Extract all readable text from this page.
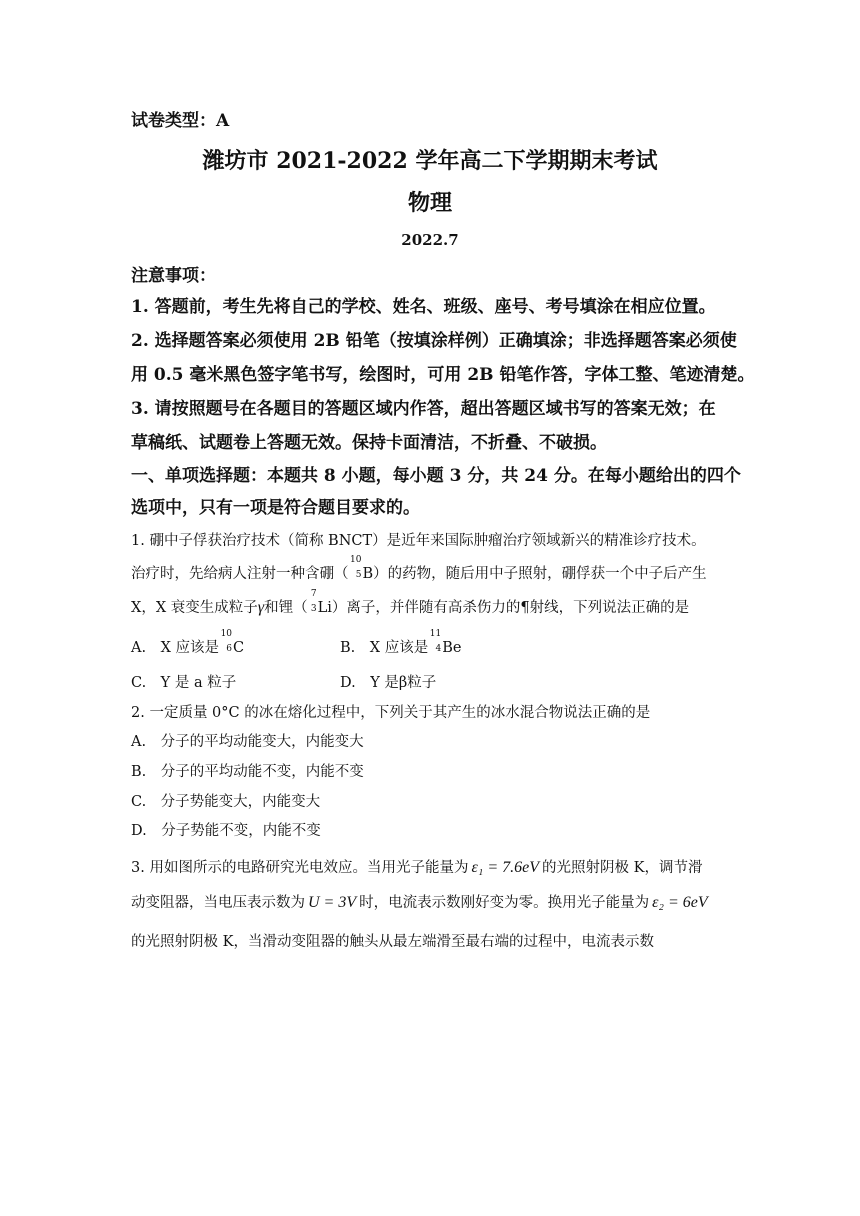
试卷类型：A
潍坊市 2021-2022 学年高二下学期期末考试
物理
2022.7
注意事项：
1. 答题前，考生先将自己的学校、姓名、班级、座号、考号填涂在相应位置。
2. 选择题答案必须使用 2B 铅笔（按填涂样例）正确填涂；非选择题答案必须使
用 0.5 毫米黑色签字笔书写，绘图时，可用 2B 铅笔作答，字体工整、笔迹清楚。
3. 请按照题号在各题目的答题区域内作答，超出答题区域书写的答案无效；在
草稿纸、试题卷上答题无效。保持卡面清洁，不折叠、不破损。
一、单项选择题：本题共 8 小题，每小题 3 分，共 24 分。在每小题给出的四个
选项中，只有一项是符合题目要求的。
1. 硼中子俘获治疗技术（简称 BNCT）是近年来国际肿瘤治疗领域新兴的精准诊疗技术。
治疗时，先给病人注射一种含硼（
10
5 B）的药物，随后用中子照射，硼俘获一个中子后产生
X，X 衰变生成粒子γ和锂（
7
3 Li）离子，并伴随有高杀伤力的¶射线，下列说法正确的是
A.　X 应该是
10
6 C	B.　X 应该是
11
4 Be
C.　Y 是 a 粒子	D.　Y 是β粒子
2. 一定质量 0°C 的冰在熔化过程中，下列关于其产生的冰水混合物说法正确的是
A.　分子的平均动能变大，内能变大
B.　分子的平均动能不变，内能不变
C.　分子势能变大，内能变大
D.　分子势能不变，内能不变
3. 用如图所示的电路研究光电效应。当用光子能量为 ε₁ = 7.6eV 的光照射阴极 K，调节滑
动变阻器，当电压表示数为 U = 3V 时，电流表示数刚好变为零。换用光子能量为 ε₂ = 6eV
的光照射阴极 K，当滑动变阻器的触头从最左端滑至最右端的过程中，电流表示数
